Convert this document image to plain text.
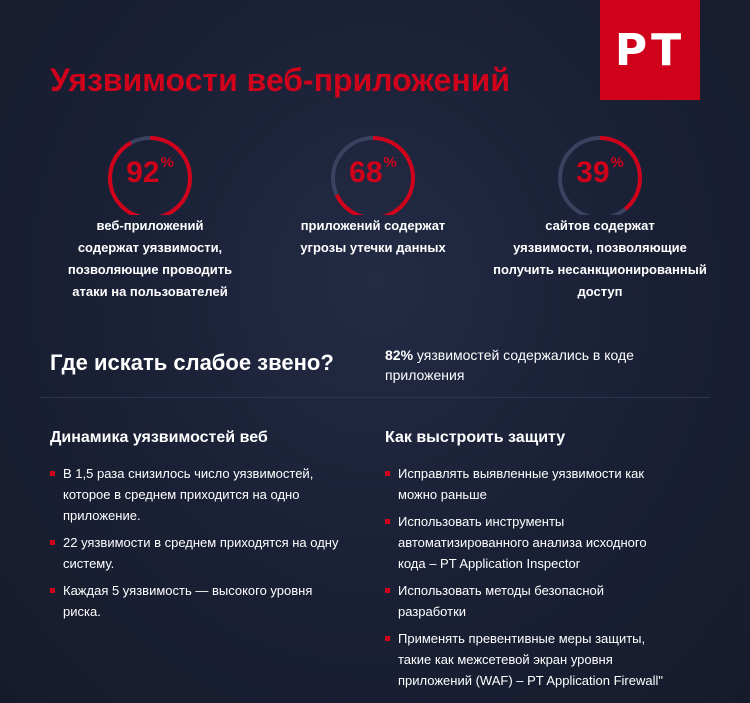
PT
Уязвимости веб-приложений
92%
веб-приложений
содержат уязвимости,
позволяющие проводить
атаки на пользователей
68%
приложений содержат
угрозы утечки данных
39%
сайтов содержат
уязвимости, позволяющие
получить несанкционированный
доступ
Где искать слабое звено?	82% уязвимостей содержались в коде
приложения
Динамика уязвимостей веб
В 1,5 раза снизилось число уязвимостей,
которое в среднем приходится на одно
приложение.
22 уязвимости в среднем приходятся на одну
систему.
Каждая 5 уязвимость — высокого уровня
риска.
Как выстроить защиту
Исправлять выявленные уязвимости как
можно раньше
Использовать инструменты
автоматизированного анализа исходного
кода – PT Application Inspector
Использовать методы безопасной
разработки
Применять превентивные меры защиты,
такие как межсетевой экран уровня
приложений (WAF) – PT Application Firewall"
